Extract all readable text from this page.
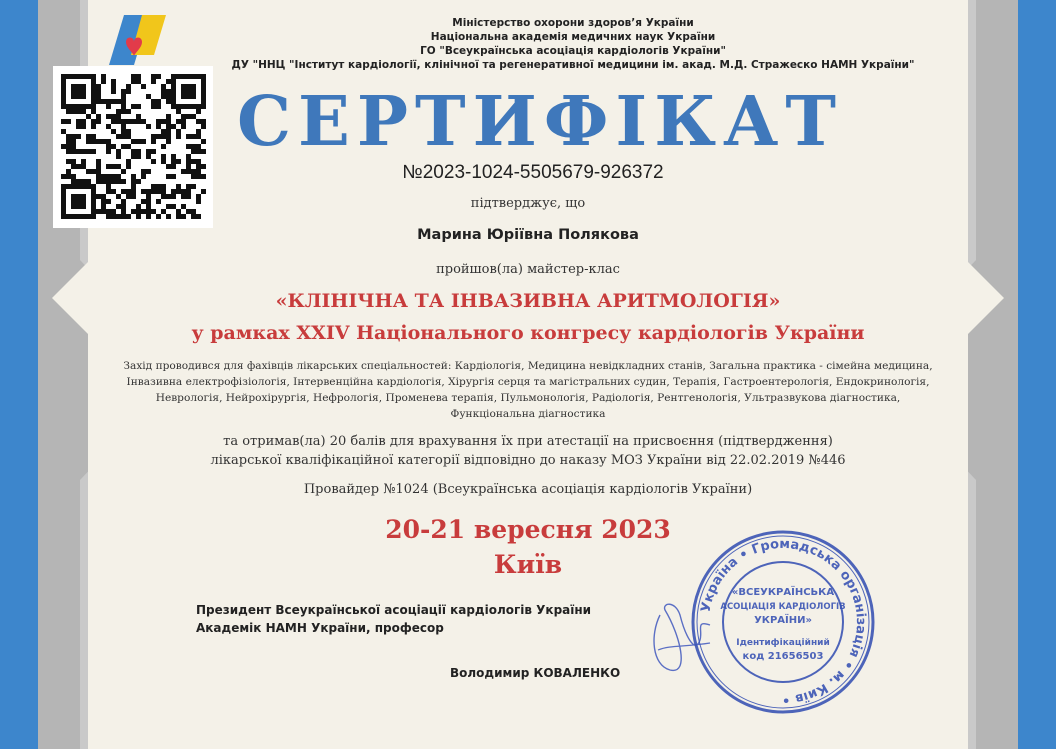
Міністерство охорони здоров’я України
Національна академія медичних наук України
ГО "Всеукраїнська асоціація кардіологів України"
ДУ "ННЦ "Інститут кардіології, клінічної та регенеративної медицини ім. акад. М.Д. Стражеско НАМН України"
СЕРТИФІКАТ
№2023-1024-5505679-926372
підтверджує, що
Марина Юріївна Полякова
пройшов(ла) майстер-клас
«КЛІНІЧНА ТА ІНВАЗИВНА АРИТМОЛОГІЯ»
у рамках XXIV Національного конгресу кардіологів України
Захід проводився для фахівців лікарських спеціальностей: Кардіологія, Медицина невідкладних станів, Загальна практика - сімейна медицина,
Інвазивна електрофізіологія, Інтервенційна кардіологія, Хірургія серця та магістральних судин, Терапія, Гастроентерологія, Ендокринологія,
Неврологія, Нейрохірургія, Нефрологія, Променева терапія, Пульмонологія, Радіологія, Рентгенологія, Ультразвукова діагностика,
Функціональна діагностика
та отримав(ла) 20 балів для врахування їх при атестації на присвоєння (підтвердження)
лікарської кваліфікаційної категорії відповідно до наказу МОЗ України від 22.02.2019 №446
Провайдер №1024 (Всеукраїнська асоціація кардіологів України)
20-21 вересня 2023
Київ
Президент Всеукраїнської асоціації кардіологів України
Академік НАМН України, професор
Володимир КОВАЛЕНКО
Україна • Громадська організація • м. Київ •
«ВСЕУКРАЇНСЬКА
АСОЦІАЦІЯ КАРДІОЛОГІВ
УКРАЇНИ»
Ідентифікаційний
код 21656503
